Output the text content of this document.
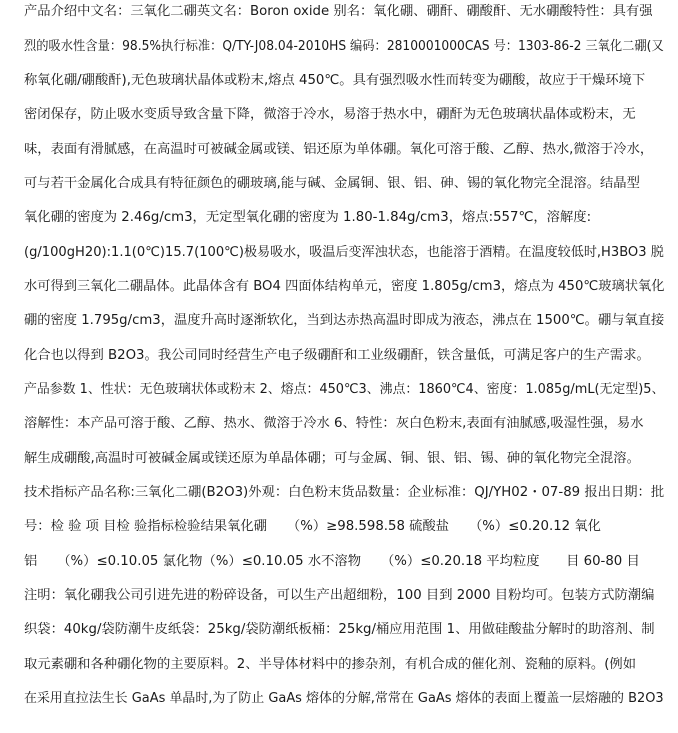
产品介绍中文名：三氧化二硼英文名：Boron oxide 别名：氧化硼、硼酐、硼酸酐、无水硼酸特性：具有强
烈的吸水性含量：98.5%执行标准：Q/TY-J08.04-2010HS 编码：2810001000CAS 号：1303-86-2 三氧化二硼(又
称氧化硼/硼酸酐),无色玻璃状晶体或粉末,熔点 450℃。具有强烈吸水性而转变为硼酸，故应于干燥环境下
密闭保存，防止吸水变质导致含量下降，微溶于冷水，易溶于热水中，硼酐为无色玻璃状晶体或粉末，无
味，表面有滑腻感，在高温时可被碱金属或镁、铝还原为单体硼。氧化可溶于酸、乙醇、热水,微溶于冷水，
可与若干金属化合成具有特征颜色的硼玻璃,能与碱、金属铜、银、铝、砷、锡的氧化物完全混溶。结晶型
氧化硼的密度为 2.46g/cm3，无定型氧化硼的密度为 1.80-1.84g/cm3，熔点:557℃，溶解度:
(g/100gH20):1.1(0℃)15.7(100℃)极易吸水，吸温后变浑浊状态，也能溶于酒精。在温度较低时,H3BO3 脱
水可得到三氧化二硼晶体。此晶体含有 BO4 四面体结构单元，密度 1.805g/cm3，熔点为 450℃玻璃状氧化
硼的密度 1.795g/cm3，温度升高时逐渐软化，当到达赤热高温时即成为液态，沸点在 1500℃。硼与氧直接
化合也以得到 B2O3。我公司同时经营生产电子级硼酐和工业级硼酐，铁含量低，可满足客户的生产需求。
产品参数 1、性状：无色玻璃状体或粉末 2、熔点：450℃3、沸点：1860℃4、密度：1.085g/mL(无定型)5、
溶解性：本产品可溶于酸、乙醇、热水、微溶于冷水 6、特性：灰白色粉末,表面有油腻感,吸湿性强，易水
解生成硼酸,高温时可被碱金属或镁还原为单晶体硼；可与金属、铜、银、铝、锡、砷的氧化物完全混溶。
技术指标产品名称:三氧化二硼(B2O3)外观：白色粉末货品数量：企业标准：QJ/YH02・07-89 报出日期：批
号：检 验 项 目检 验指标检验结果氧化硼　　（%）≥98.598.58 硫酸盐　　（%）≤0.20.12 氧化
铝　　（%）≤0.10.05 氯化物（%）≤0.10.05 水不溶物　　（%）≤0.20.18 平均粒度　　目 60-80 目
注明：氧化硼我公司引进先进的粉碎设备，可以生产出超细粉，100 目到 2000 目粉均可。包装方式防潮编
织袋：40kg/袋防潮牛皮纸袋：25kg/袋防潮纸板桶：25kg/桶应用范围 1、用做硅酸盐分解时的助溶剂、制
取元素硼和各种硼化物的主要原料。2、半导体材料中的掺杂剂，有机合成的催化剂、瓷釉的原料。(例如
在采用直拉法生长 GaAs 单晶时,为了防止 GaAs 熔体的分解,常常在 GaAs 熔体的表面上覆盖一层熔融的 B2O3
